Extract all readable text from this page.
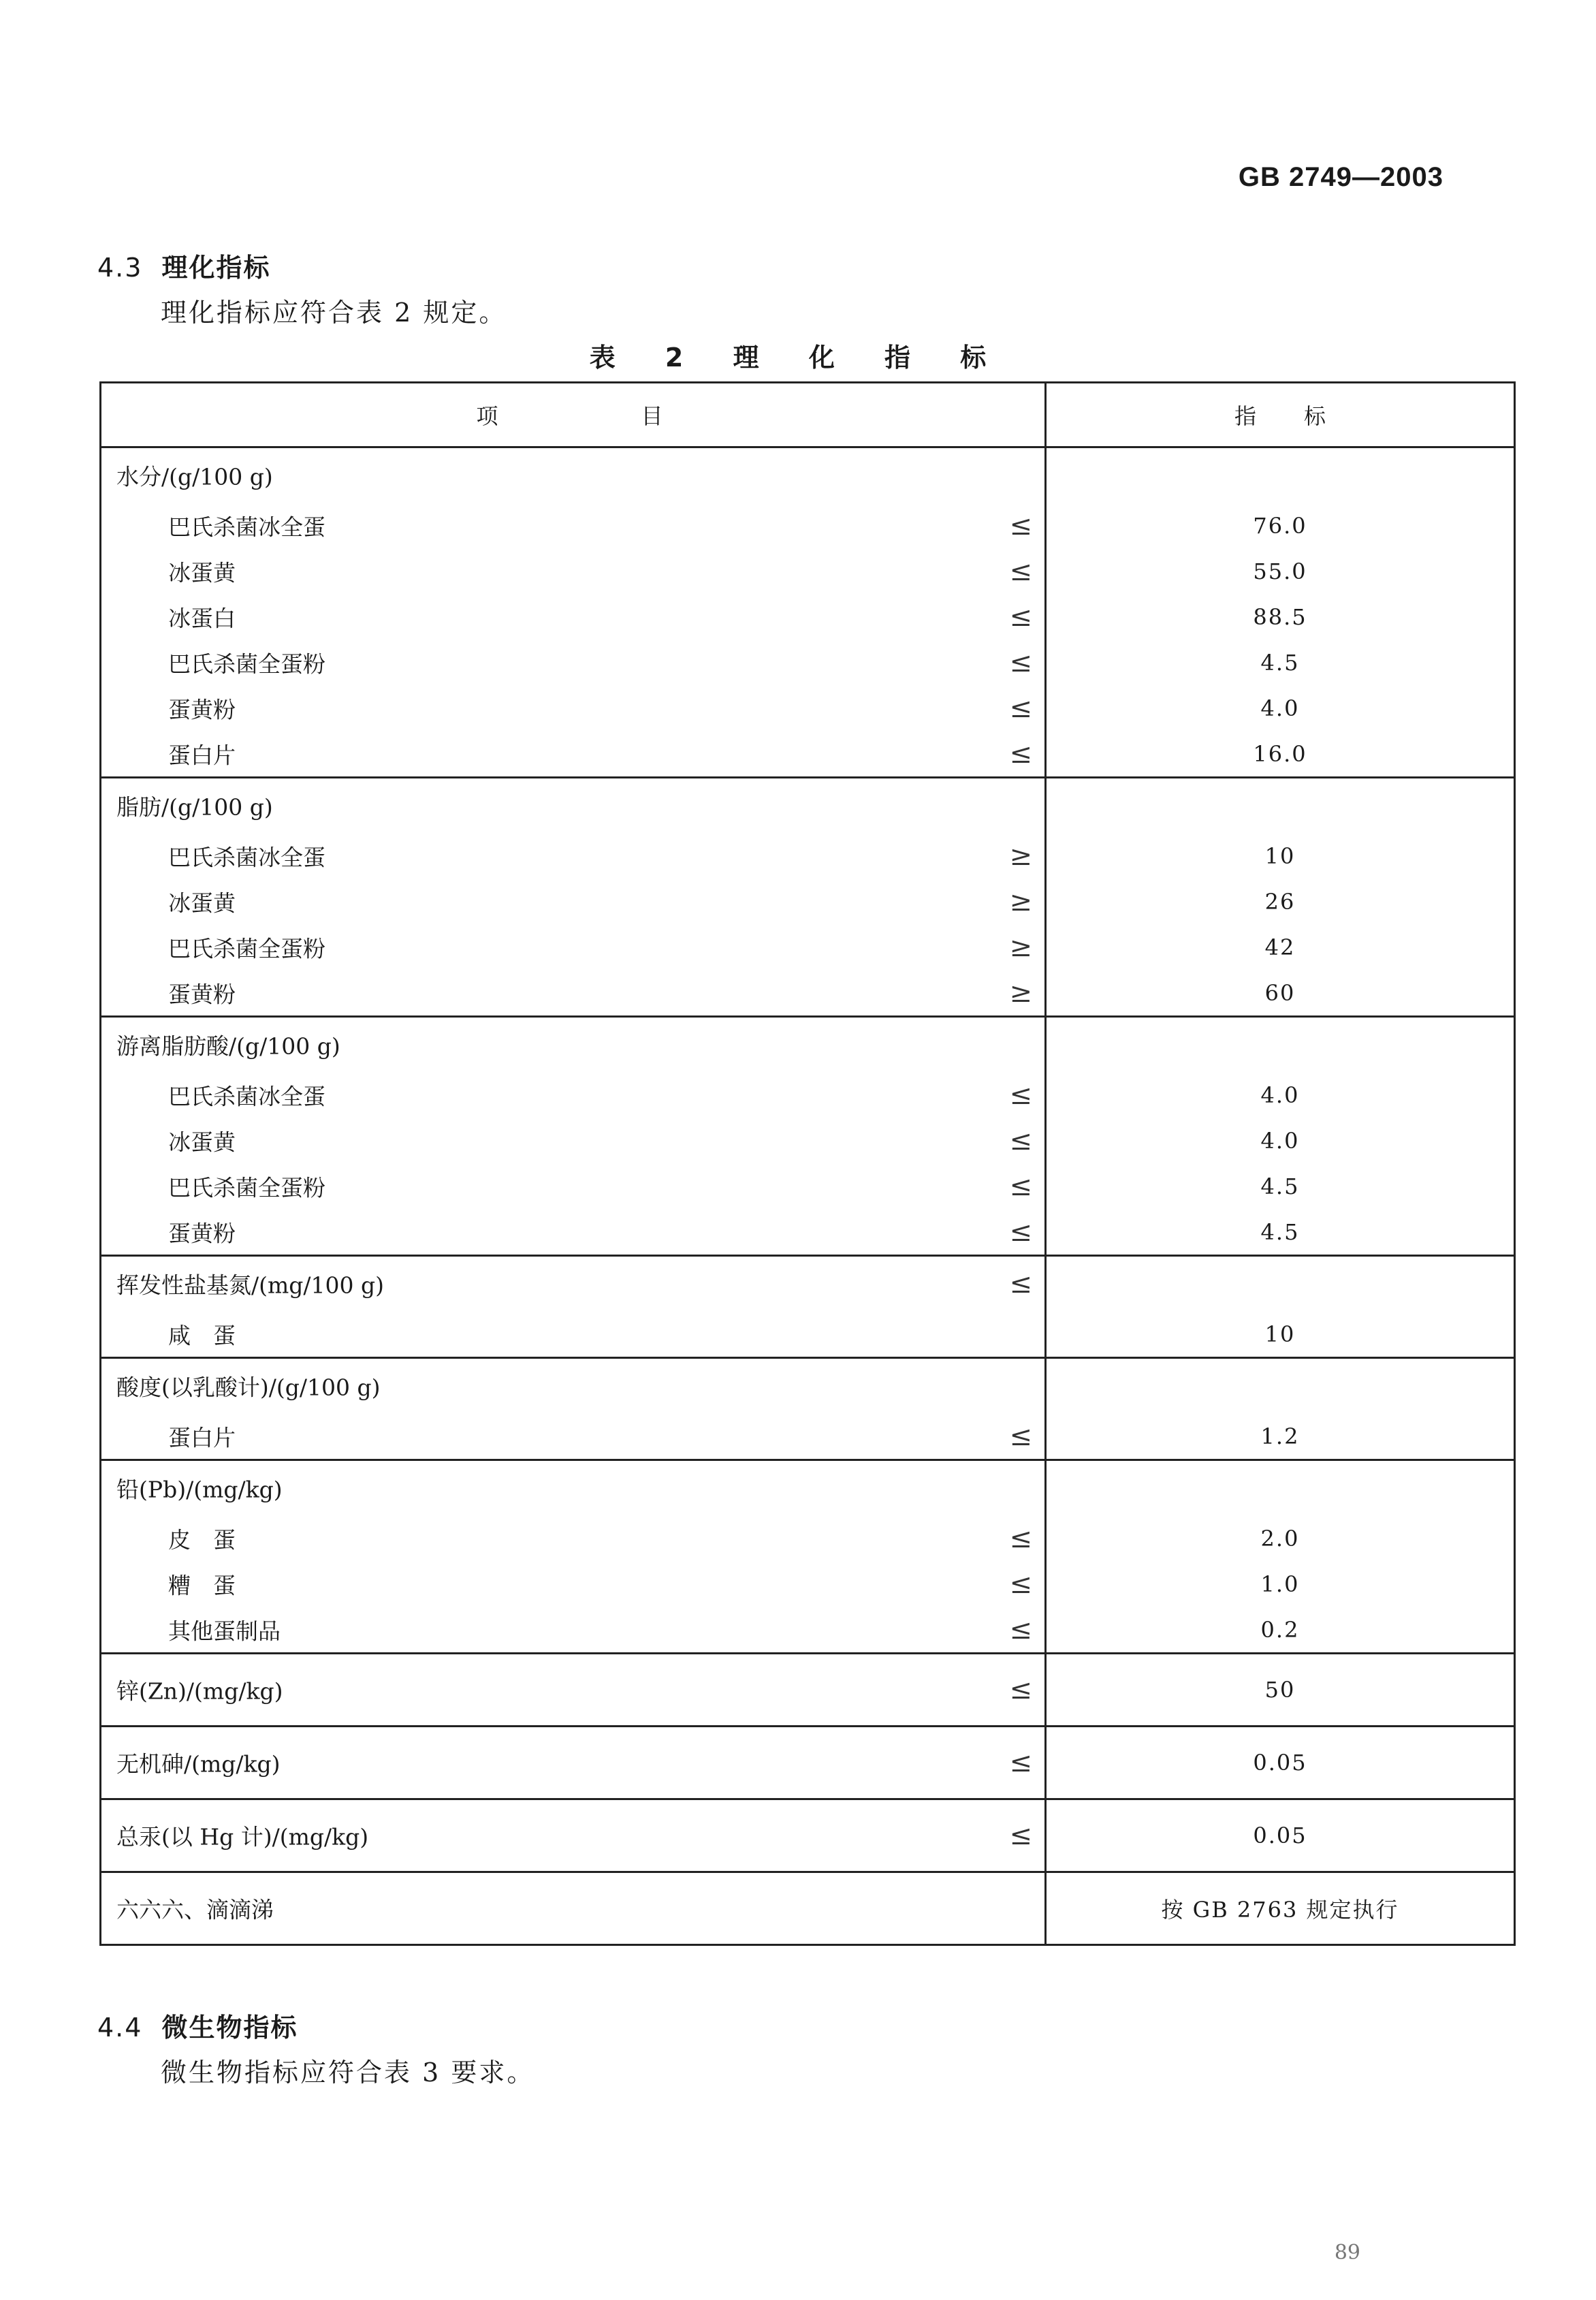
GB 2749—2003
4.3 理化指标
理化指标应符合表 2 规定。
表 2 理 化 指 标
项目	指标

水分/(g/100 g)	

巴氏杀菌冰全蛋 ≤	76.0

冰蛋黄 ≤	55.0

冰蛋白 ≤	88.5

巴氏杀菌全蛋粉 ≤	4.5

蛋黄粉 ≤	4.0

蛋白片 ≤	16.0

脂肪/(g/100 g)	

巴氏杀菌冰全蛋 ≥	10

冰蛋黄 ≥	26

巴氏杀菌全蛋粉 ≥	42

蛋黄粉 ≥	60

游离脂肪酸/(g/100 g)	

巴氏杀菌冰全蛋 ≤	4.0

冰蛋黄 ≤	4.0

巴氏杀菌全蛋粉 ≤	4.5

蛋黄粉 ≤	4.5

挥发性盐基氮/(mg/100 g) ≤	

咸　蛋	10

酸度(以乳酸计)/(g/100 g)	

蛋白片 ≤	1.2

铅(Pb)/(mg/kg)	

皮　蛋 ≤	2.0

糟　蛋 ≤	1.0

其他蛋制品 ≤	0.2

锌(Zn)/(mg/kg) ≤	50

无机砷/(mg/kg) ≤	0.05

总汞(以 Hg 计)/(mg/kg) ≤	0.05

六六六、滴滴涕	按 GB 2763 规定执行
4.4 微生物指标
微生物指标应符合表 3 要求。
89
